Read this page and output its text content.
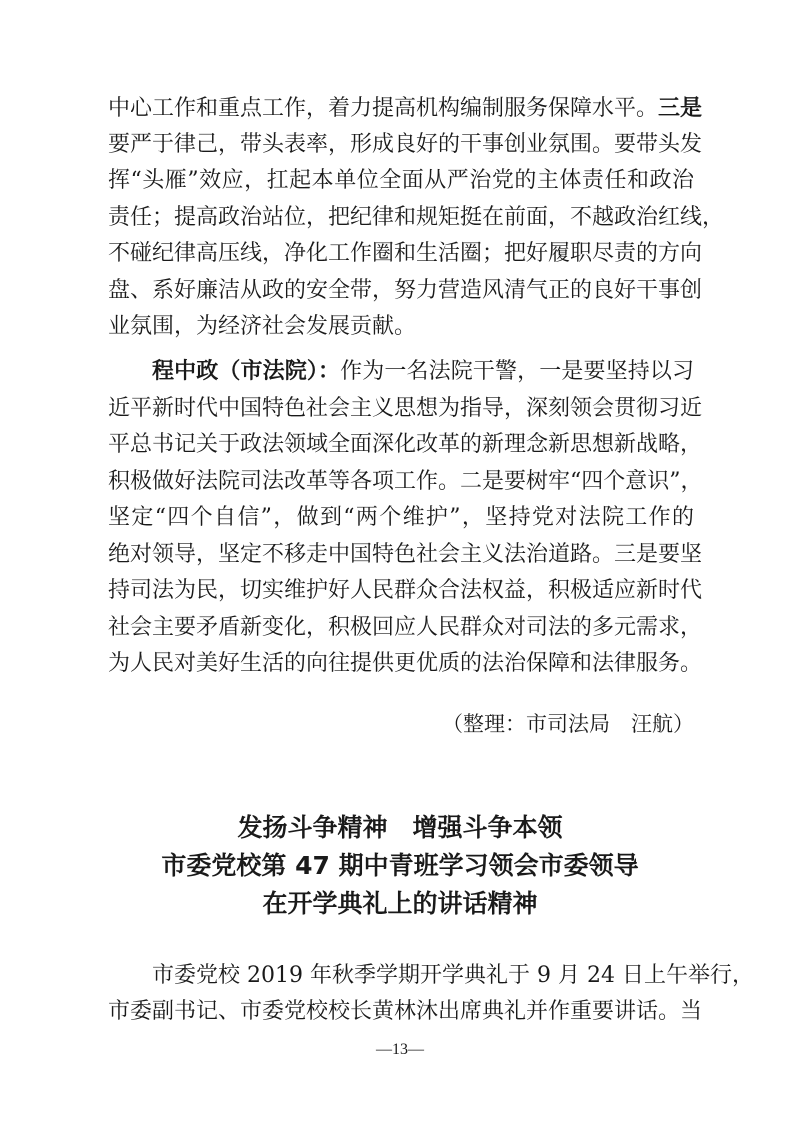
中心工作和重点工作，着力提高机构编制服务保障水平。三是
要严于律己，带头表率，形成良好的干事创业氛围。要带头发
挥“头雁”效应，扛起本单位全面从严治党的主体责任和政治
责任；提高政治站位，把纪律和规矩挺在前面，不越政治红线，
不碰纪律高压线，净化工作圈和生活圈；把好履职尽责的方向
盘、系好廉洁从政的安全带，努力营造风清气正的良好干事创
业氛围，为经济社会发展贡献。
程中政（市法院）：作为一名法院干警，一是要坚持以习
近平新时代中国特色社会主义思想为指导，深刻领会贯彻习近
平总书记关于政法领域全面深化改革的新理念新思想新战略，
积极做好法院司法改革等各项工作。二是要树牢“四个意识”，
坚定“四个自信”，做到“两个维护”，坚持党对法院工作的
绝对领导，坚定不移走中国特色社会主义法治道路。三是要坚
持司法为民，切实维护好人民群众合法权益，积极适应新时代
社会主要矛盾新变化，积极回应人民群众对司法的多元需求，
为人民对美好生活的向往提供更优质的法治保障和法律服务。
（整理：市司法局　汪航）
发扬斗争精神　增强斗争本领
市委党校第 47 期中青班学习领会市委领导
在开学典礼上的讲话精神
市委党校 2019 年秋季学期开学典礼于 9 月 24 日上午举行，
市委副书记、市委党校校长黄林沐出席典礼并作重要讲话。当
—13—
